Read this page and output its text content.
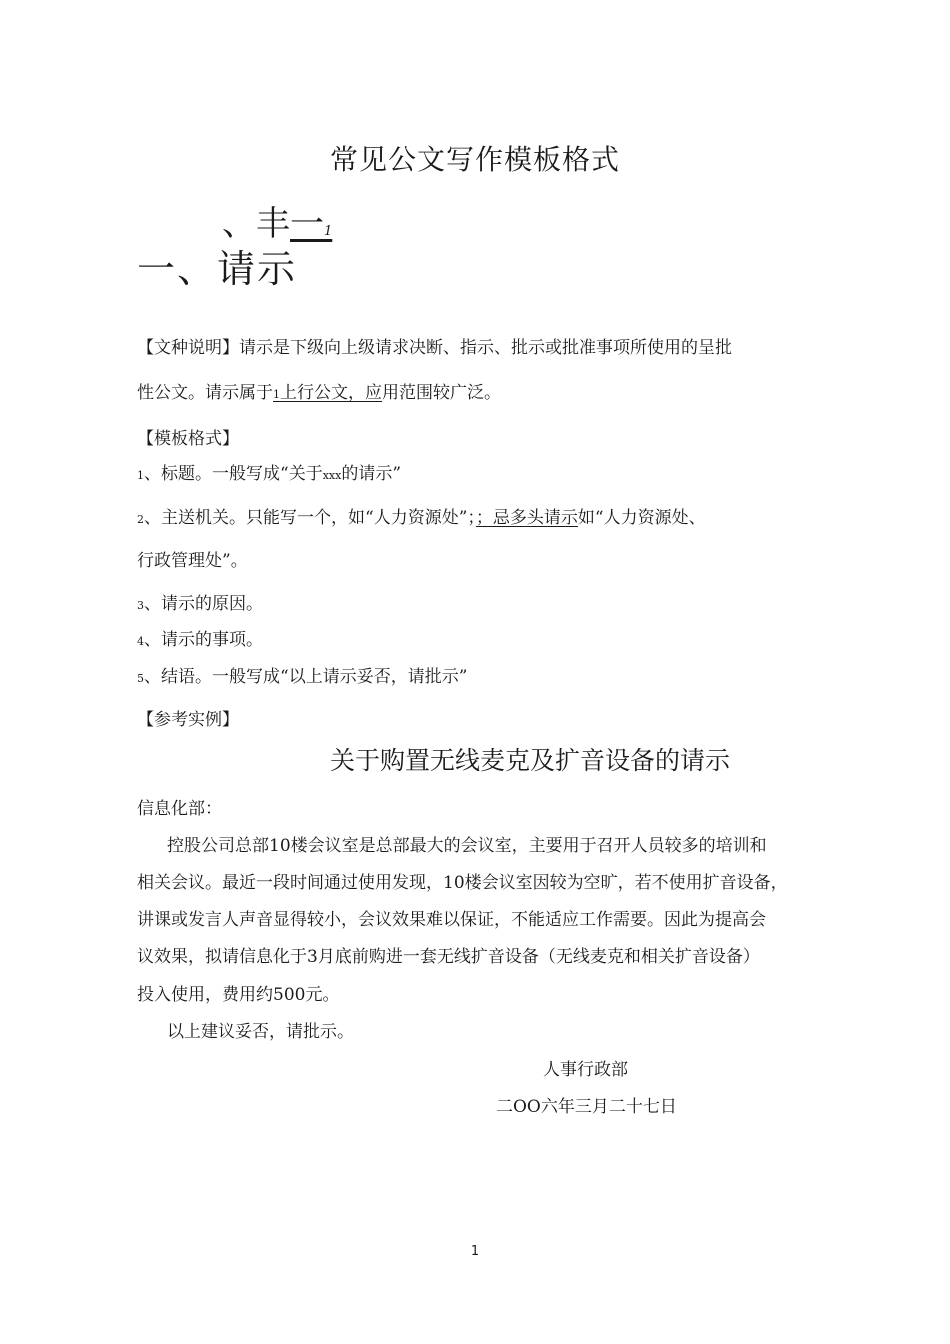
常见公文写作模板格式
、丰一1
一、请示
【文种说明】请示是下级向上级请求决断、指示、批示或批准事项所使用的呈批
性公文。请示属于1上行公文，应用范围较广泛。
【模板格式】
1、标题。一般写成“关于xxx的请示”
2、主送机关。只能写一个，如“人力资源处”；；忌多头请示如“人力资源处、
行政管理处”。
3、请示的原因。
4、请示的事项。
5、结语。一般写成“以上请示妥否，请批示”
【参考实例】
关于购置无线麦克及扩音设备的请示
信息化部：
控股公司总部10楼会议室是总部最大的会议室，主要用于召开人员较多的培训和
相关会议。最近一段时间通过使用发现，10楼会议室因较为空旷，若不使用扩音设备，
讲课或发言人声音显得较小，会议效果难以保证，不能适应工作需要。因此为提高会
议效果，拟请信息化于3月底前购进一套无线扩音设备（无线麦克和相关扩音设备）
投入使用，费用约500元。
以上建议妥否，请批示。
人事行政部
二OO六年三月二十七日
1
